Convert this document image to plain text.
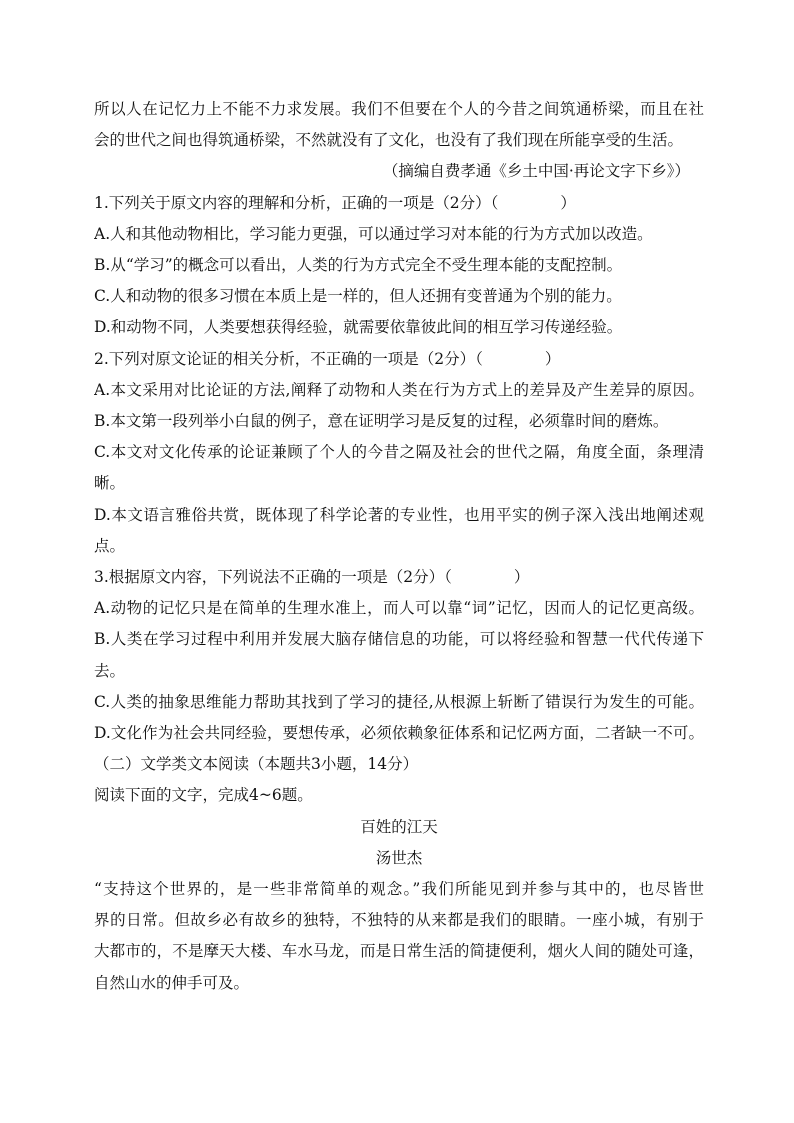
所以人在记忆力上不能不力求发展。我们不但要在个人的今昔之间筑通桥梁，而且在社
会的世代之间也得筑通桥梁，不然就没有了文化，也没有了我们现在所能享受的生活。
（摘编自费孝通《乡土中国·再论文字下乡》）
1.下列关于原文内容的理解和分析，正确的一项是（2分）（　　　　）
A.人和其他动物相比，学习能力更强，可以通过学习对本能的行为方式加以改造。
B.从“学习”的概念可以看出，人类的行为方式完全不受生理本能的支配控制。
C.人和动物的很多习惯在本质上是一样的，但人还拥有变普通为个别的能力。
D.和动物不同，人类要想获得经验，就需要依靠彼此间的相互学习传递经验。
2.下列对原文论证的相关分析，不正确的一项是（2分）（　　　　）
A.本文采用对比论证的方法,阐释了动物和人类在行为方式上的差异及产生差异的原因。
B.本文第一段列举小白鼠的例子，意在证明学习是反复的过程，必须靠时间的磨炼。
C.本文对文化传承的论证兼顾了个人的今昔之隔及社会的世代之隔，角度全面，条理清
晰。
D.本文语言雅俗共赏，既体现了科学论著的专业性，也用平实的例子深入浅出地阐述观
点。
3.根据原文内容，下列说法不正确的一项是（2分）（　　　　）
A.动物的记忆只是在简单的生理水准上，而人可以靠“词”记忆，因而人的记忆更高级。
B.人类在学习过程中利用并发展大脑存储信息的功能，可以将经验和智慧一代代传递下
去。
C.人类的抽象思维能力帮助其找到了学习的捷径,从根源上斩断了错误行为发生的可能。
D.文化作为社会共同经验，要想传承，必须依赖象征体系和记忆两方面，二者缺一不可。
（二）文学类文本阅读（本题共3小题，14分）
阅读下面的文字，完成4~6题。
百姓的江天
汤世杰
“支持这个世界的，是一些非常简单的观念。”我们所能见到并参与其中的，也尽皆世
界的日常。但故乡必有故乡的独特，不独特的从来都是我们的眼睛。一座小城，有别于
大都市的，不是摩天大楼、车水马龙，而是日常生活的简捷便利，烟火人间的随处可逢，
自然山水的伸手可及。
